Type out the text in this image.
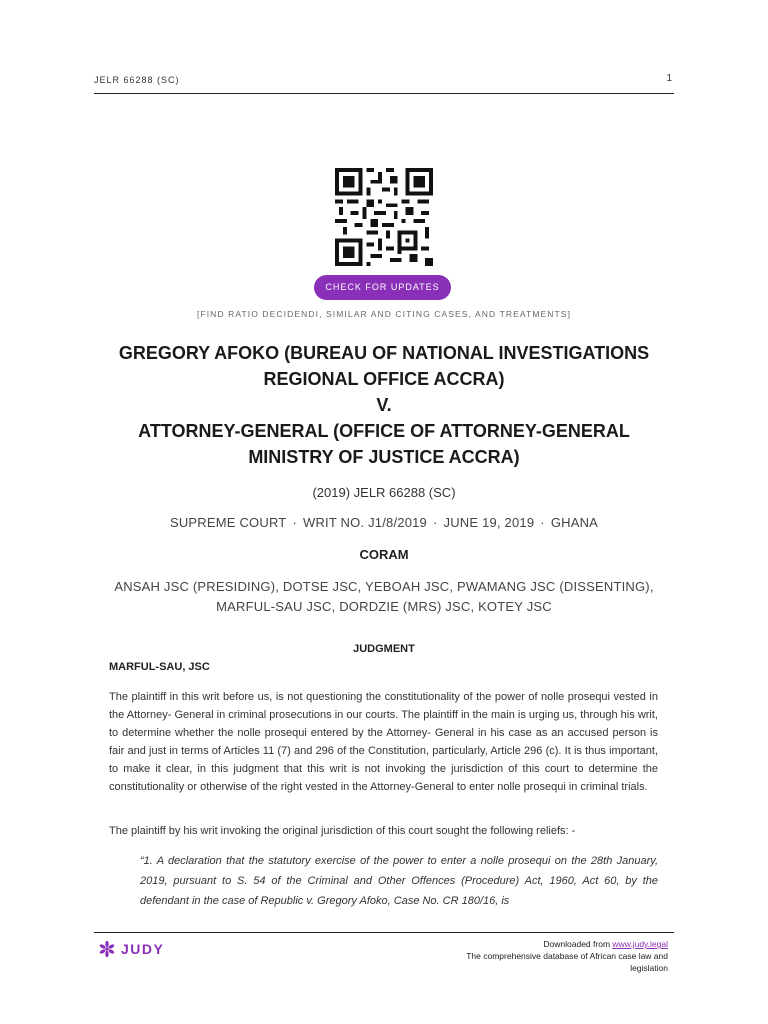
JELR 66288 (SC)	1
CHECK FOR UPDATES
[FIND RATIO DECIDENDI, SIMILAR AND CITING CASES, AND TREATMENTS]
GREGORY AFOKO (BUREAU OF NATIONAL INVESTIGATIONS
REGIONAL OFFICE ACCRA)
V.
ATTORNEY-GENERAL (OFFICE OF ATTORNEY-GENERAL
MINISTRY OF JUSTICE ACCRA)
(2019) JELR 66288 (SC)
SUPREME COURT · WRIT NO. J1/8/2019 · JUNE 19, 2019 · GHANA
CORAM
ANSAH JSC (PRESIDING), DOTSE JSC, YEBOAH JSC, PWAMANG JSC (DISSENTING),
MARFUL-SAU JSC, DORDZIE (MRS) JSC, KOTEY JSC
JUDGMENT
MARFUL-SAU, JSC

The plaintiff in this writ before us, is not questioning the constitutionality of the power of nolle prosequi vested in the Attorney- General in criminal prosecutions in our courts. The plaintiff in the main is urging us, through his writ, to determine whether the nolle prosequi entered by the Attorney- General in his case as an accused person is fair and just in terms of Articles 11 (7) and 296 of the Constitution, particularly, Article 296 (c). It is thus important, to make it clear, in this judgment that this writ is not invoking the jurisdiction of this court to determine the constitutionality or otherwise of the right vested in the Attorney-General to enter nolle prosequi in criminal trials.

The plaintiff by his writ invoking the original jurisdiction of this court sought the following reliefs: -

“1. A declaration that the statutory exercise of the power to enter a nolle prosequi on the 28th January, 2019, pursuant to S. 54 of the Criminal and Other Offences (Procedure) Act, 1960, Act 60, by the defendant in the case of Republic v. Gregory Afoko, Case No. CR 180/16, is

JUDY	Downloaded from www.judy.legal
The comprehensive database of African case law and
legislation
